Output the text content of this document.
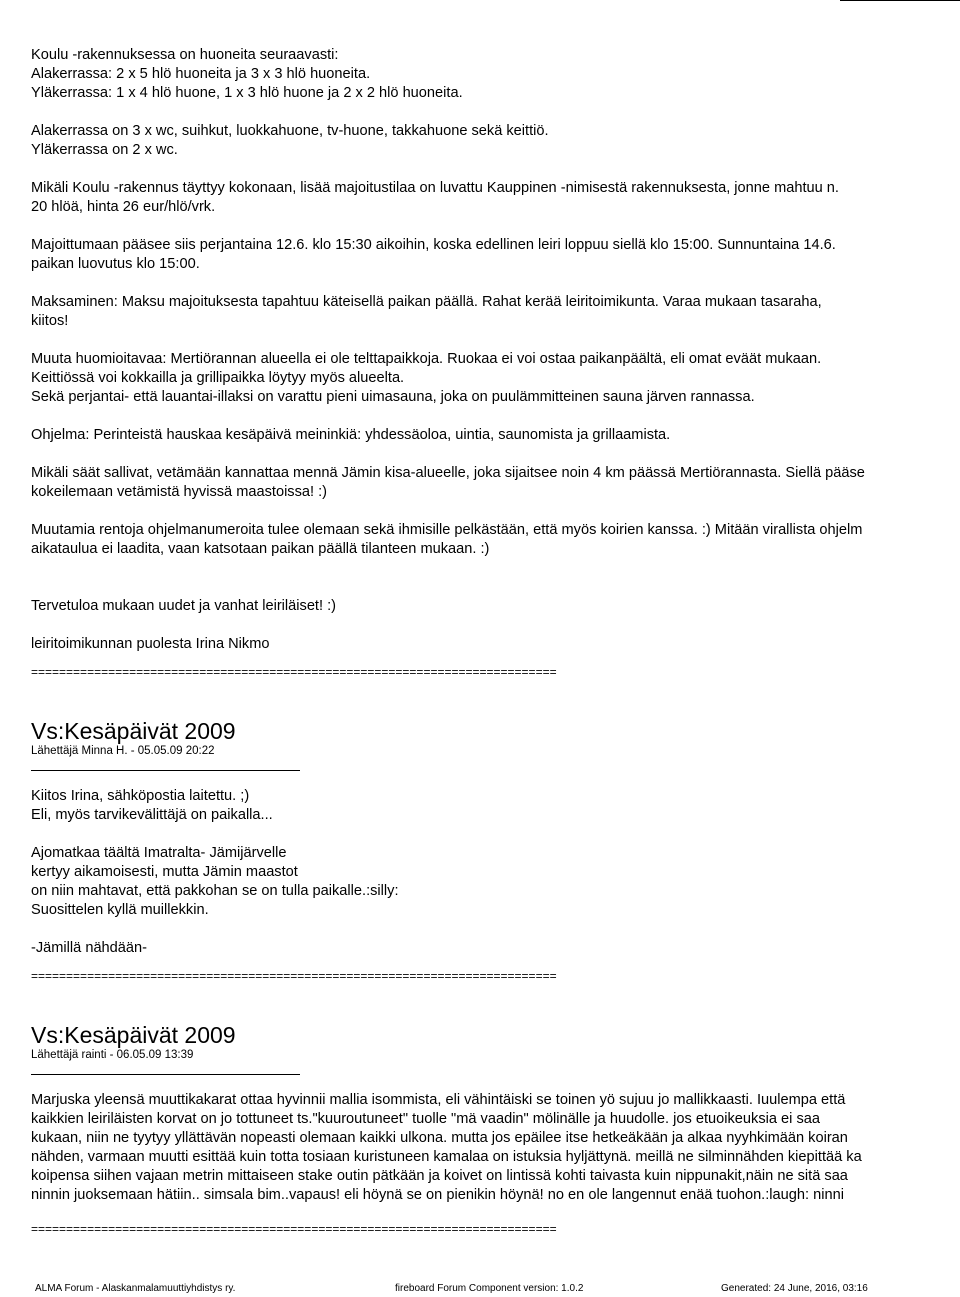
Koulu -rakennuksessa on huoneita seuraavasti:

Alakerrassa: 2 x 5 hlö huoneita ja 3 x 3 hlö huoneita.

Yläkerrassa: 1 x 4 hlö huone, 1 x 3 hlö huone ja 2 x 2 hlö huoneita.

Alakerrassa on 3 x wc, suihkut, luokkahuone, tv-huone, takkahuone sekä keittiö.

Yläkerrassa on 2 x wc.

Mikäli Koulu -rakennus täyttyy kokonaan, lisää majoitustilaa on luvattu Kauppinen -nimisestä rakennuksesta, jonne mahtuu n.

20 hlöä, hinta 26 eur/hlö/vrk.

Majoittumaan pääsee siis perjantaina 12.6. klo 15:30 aikoihin, koska edellinen leiri loppuu siellä klo 15:00. Sunnuntaina 14.6.

paikan luovutus klo 15:00.

Maksaminen: Maksu majoituksesta tapahtuu käteisellä paikan päällä. Rahat kerää leiritoimikunta. Varaa mukaan tasaraha,

kiitos!

Muuta huomioitavaa: Mertiörannan alueella ei ole telttapaikkoja. Ruokaa ei voi ostaa paikanpäältä, eli omat eväät mukaan.

Keittiössä voi kokkailla ja grillipaikka löytyy myös alueelta.

Sekä perjantai- että lauantai-illaksi on varattu pieni uimasauna, joka on puulämmitteinen sauna järven rannassa.

Ohjelma: Perinteistä hauskaa kesäpäivä meininkiä: yhdessäoloa, uintia, saunomista ja grillaamista.

Mikäli säät sallivat, vetämään kannattaa mennä Jämin kisa-alueelle, joka sijaitsee noin 4 km päässä Mertiörannasta. Siellä pääse

kokeilemaan vetämistä hyvissä maastoissa! :)

Muutamia rentoja ohjelmanumeroita tulee olemaan sekä ihmisille pelkästään, että myös koirien kanssa. :) Mitään virallista ohjelm

aikataulua ei laadita, vaan katsotaan paikan päällä tilanteen mukaan. :)

Tervetuloa mukaan uudet ja vanhat leiriläiset! :)

leiritoimikunnan puolesta Irina Nikmo

===========================================================================

Vs:Kesäpäivät 2009

Lähettäjä Minna H. - 05.05.09 20:22

Kiitos Irina, sähköpostia laitettu. ;)

Eli, myös tarvikevälittäjä on paikalla...

Ajomatkaa täältä Imatralta- Jämijärvelle

kertyy aikamoisesti, mutta Jämin maastot

on niin mahtavat, että pakkohan se on tulla paikalle.:silly:

Suosittelen kyllä muillekkin.

-Jämillä nähdään-

===========================================================================

Vs:Kesäpäivät 2009

Lähettäjä rainti - 06.05.09 13:39

Marjuska yleensä muuttikakarat ottaa hyvinnii mallia isommista, eli vähintäiski se toinen yö sujuu jo mallikkaasti. Iuulempa että

kaikkien leiriläisten korvat on jo tottuneet ts."kuuroutuneet" tuolle "mä vaadin" mölinälle ja huudolle. jos etuoikeuksia ei saa

kukaan, niin ne tyytyy yllättävän nopeasti olemaan kaikki ulkona. mutta jos epäilee itse hetkeäkään ja alkaa nyyhkimään koiran

nähden, varmaan muutti esittää kuin totta tosiaan kuristuneen kamalaa on istuksia hyljättynä. meillä ne silminnähden kiepittää ka

koipensa siihen vajaan metrin mittaiseen stake outin pätkään ja koivet on lintissä kohti taivasta kuin nippunakit,näin ne sitä saa

ninnin juoksemaan hätiin.. simsala bim..vapaus! eli höynä se on pienikin höynä! no en ole langennut enää tuohon.:laugh: ninni

===========================================================================

ALMA Forum - Alaskanmalamuuttiyhdistys ry.	fireboard Forum Component version: 1.0.2	Generated: 24 June, 2016, 03:16
